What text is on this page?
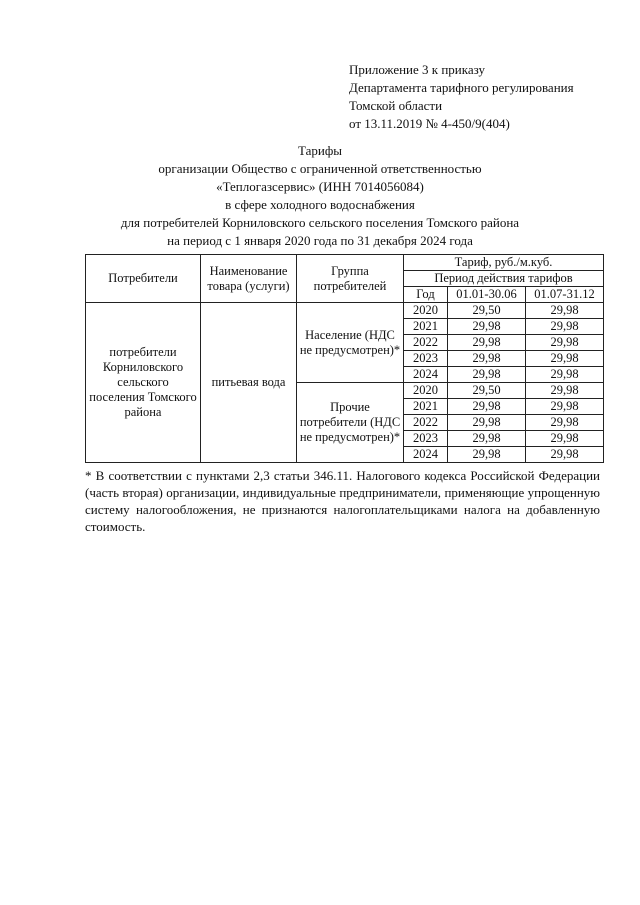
Приложение 3 к приказу
Департамента тарифного регулирования
Томской области
от 13.11.2019 № 4-450/9(404)
Тарифы
организации Общество с ограниченной ответственностью
«Теплогазсервис» (ИНН 7014056084)
в сфере холодного водоснабжения
для потребителей Корниловского сельского поселения Томского района
на период с 1 января 2020 года по 31 декабря 2024 года
Потребители	Наименование товара (услуги)	Группа потребителей	Тариф, руб./м.куб.		
			Период действия тарифов		
			Год	01.01-30.06	01.07-31.12
потребители Корниловского сельского поселения Томского района	питьевая вода	Население (НДС не предусмотрен)*	2020	29,50	29,98
			2021	29,98	29,98
			2022	29,98	29,98
			2023	29,98	29,98
			2024	29,98	29,98
		Прочие потребители (НДС не предусмотрен)*	2020	29,50	29,98
			2021	29,98	29,98
			2022	29,98	29,98
			2023	29,98	29,98
			2024	29,98	29,98
* В соответствии с пунктами 2,3 статьи 346.11. Налогового кодекса Российской Федерации (часть вторая) организации, индивидуальные предприниматели, применяющие упрощенную систему налогообложения, не признаются налогоплательщиками налога на добавленную стоимость.
